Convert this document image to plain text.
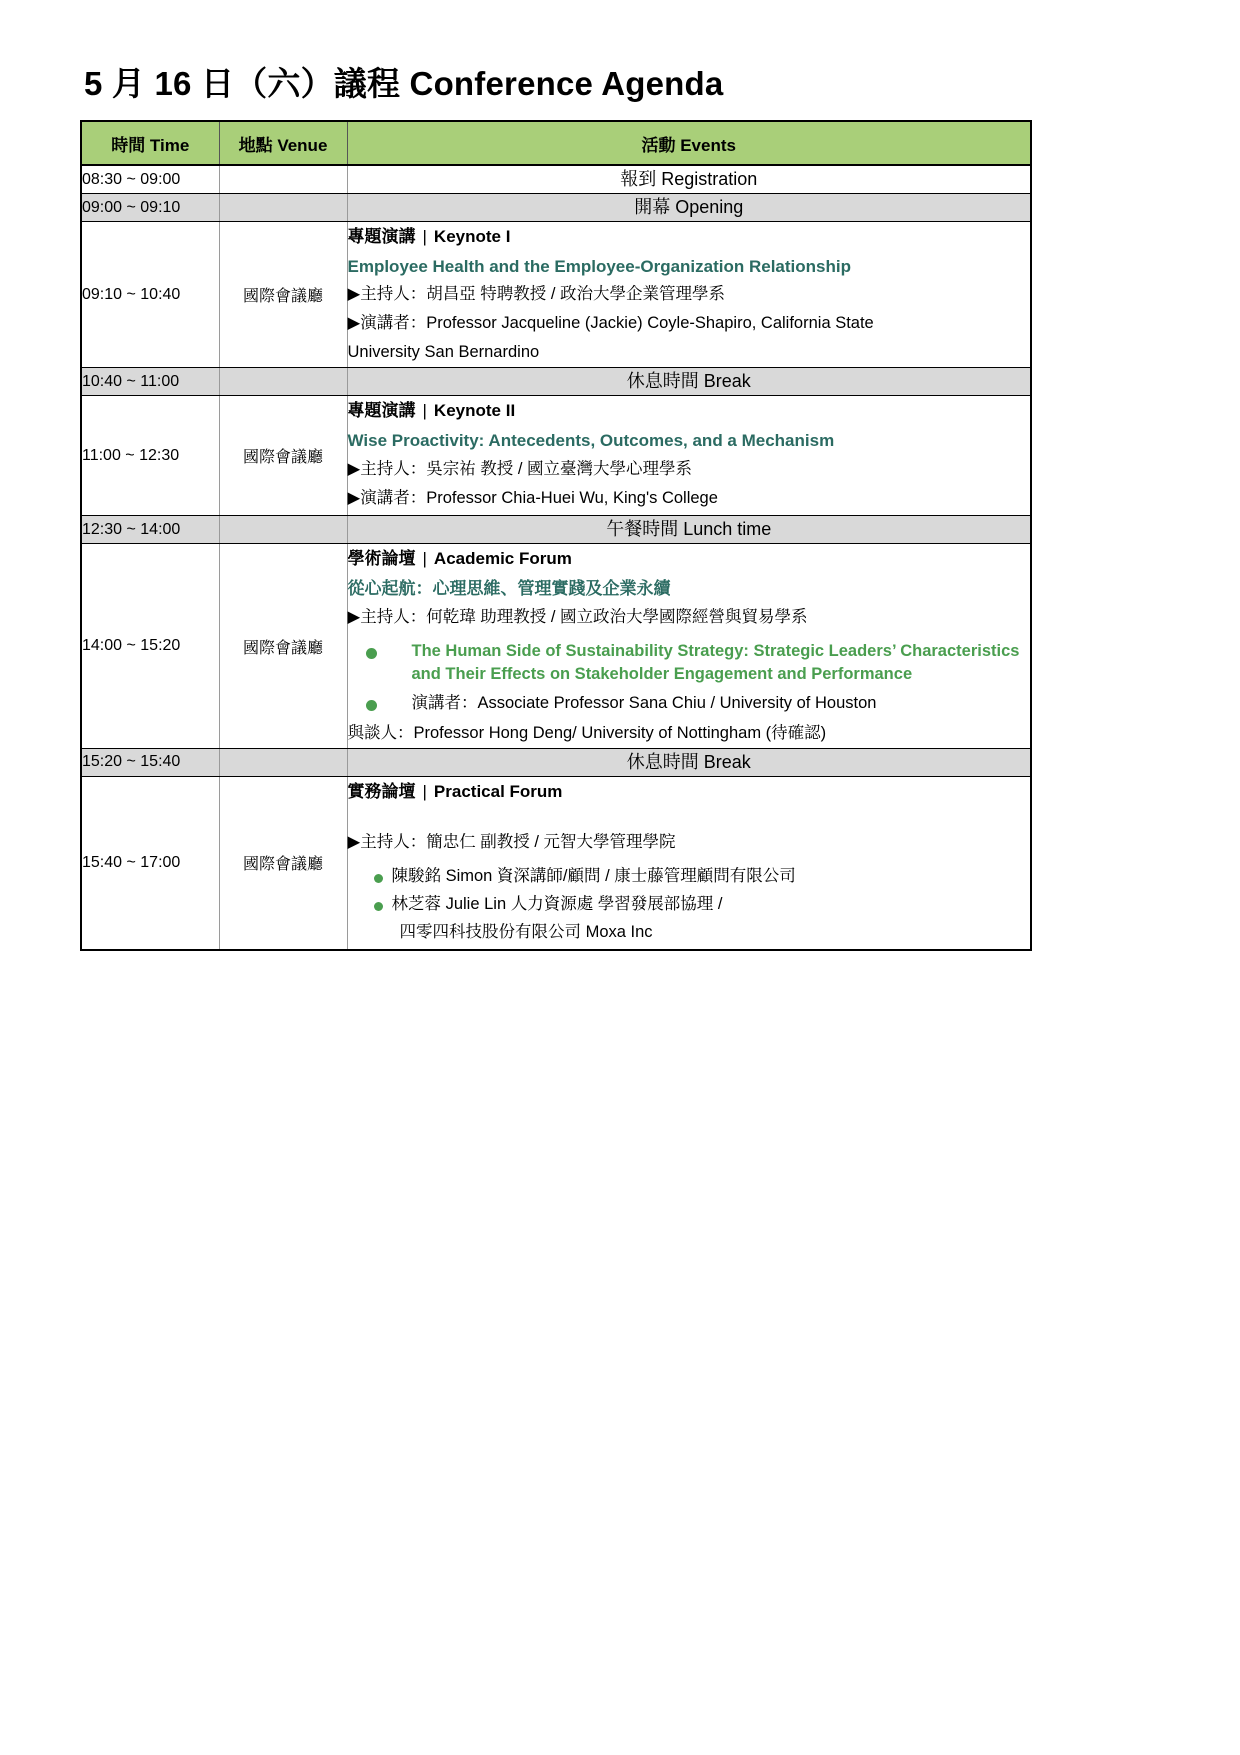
5 月 16 日（六）議程 Conference Agenda
時間 Time	地點 Venue	活動 Events
08:30 ~ 09:00		報到 Registration
09:00 ~ 09:10		開幕 Opening
09:10 ~ 10:40	國際會議廳	專題演講 | Keynote I
Employee Health and the Employee-Organization Relationship
▶主持人：胡昌亞 特聘教授 / 政治大學企業管理學系
▶演講者：Professor Jacqueline (Jackie) Coyle-Shapiro, California State
University San Bernardino

10:40 ~ 11:00		休息時間 Break
11:00 ~ 12:30	國際會議廳	專題演講 | Keynote II
Wise Proactivity: Antecedents, Outcomes, and a Mechanism
▶主持人：吳宗祐 教授 / 國立臺灣大學心理學系
▶演講者：Professor Chia-Huei Wu, King's College

12:30 ~ 14:00		午餐時間 Lunch time
14:00 ~ 15:20	國際會議廳	
學術論壇 | Academic Forum
從心起航：心理思維、管理實踐及企業永續
▶主持人：何乾瑋 助理教授 / 國立政治大學國際經營與貿易學系
The Human Side of Sustainability Strategy: Strategic Leaders’ Characteristics and Their Effects on Stakeholder Engagement and Performance
演講者：Associate Professor Sana Chiu / University of Houston
與談人：Professor Hong Deng/ University of Nottingham (待確認)

15:20 ~ 15:40		休息時間 Break
15:40 ~ 17:00	國際會議廳	
實務論壇 | Practical Forum
▶主持人：簡忠仁 副教授 / 元智大學管理學院
陳駿銘 Simon 資深講師/顧問 / 康士藤管理顧問有限公司
林芝蓉 Julie Lin 人力資源處 學習發展部協理 /
四零四科技股份有限公司 Moxa Inc
